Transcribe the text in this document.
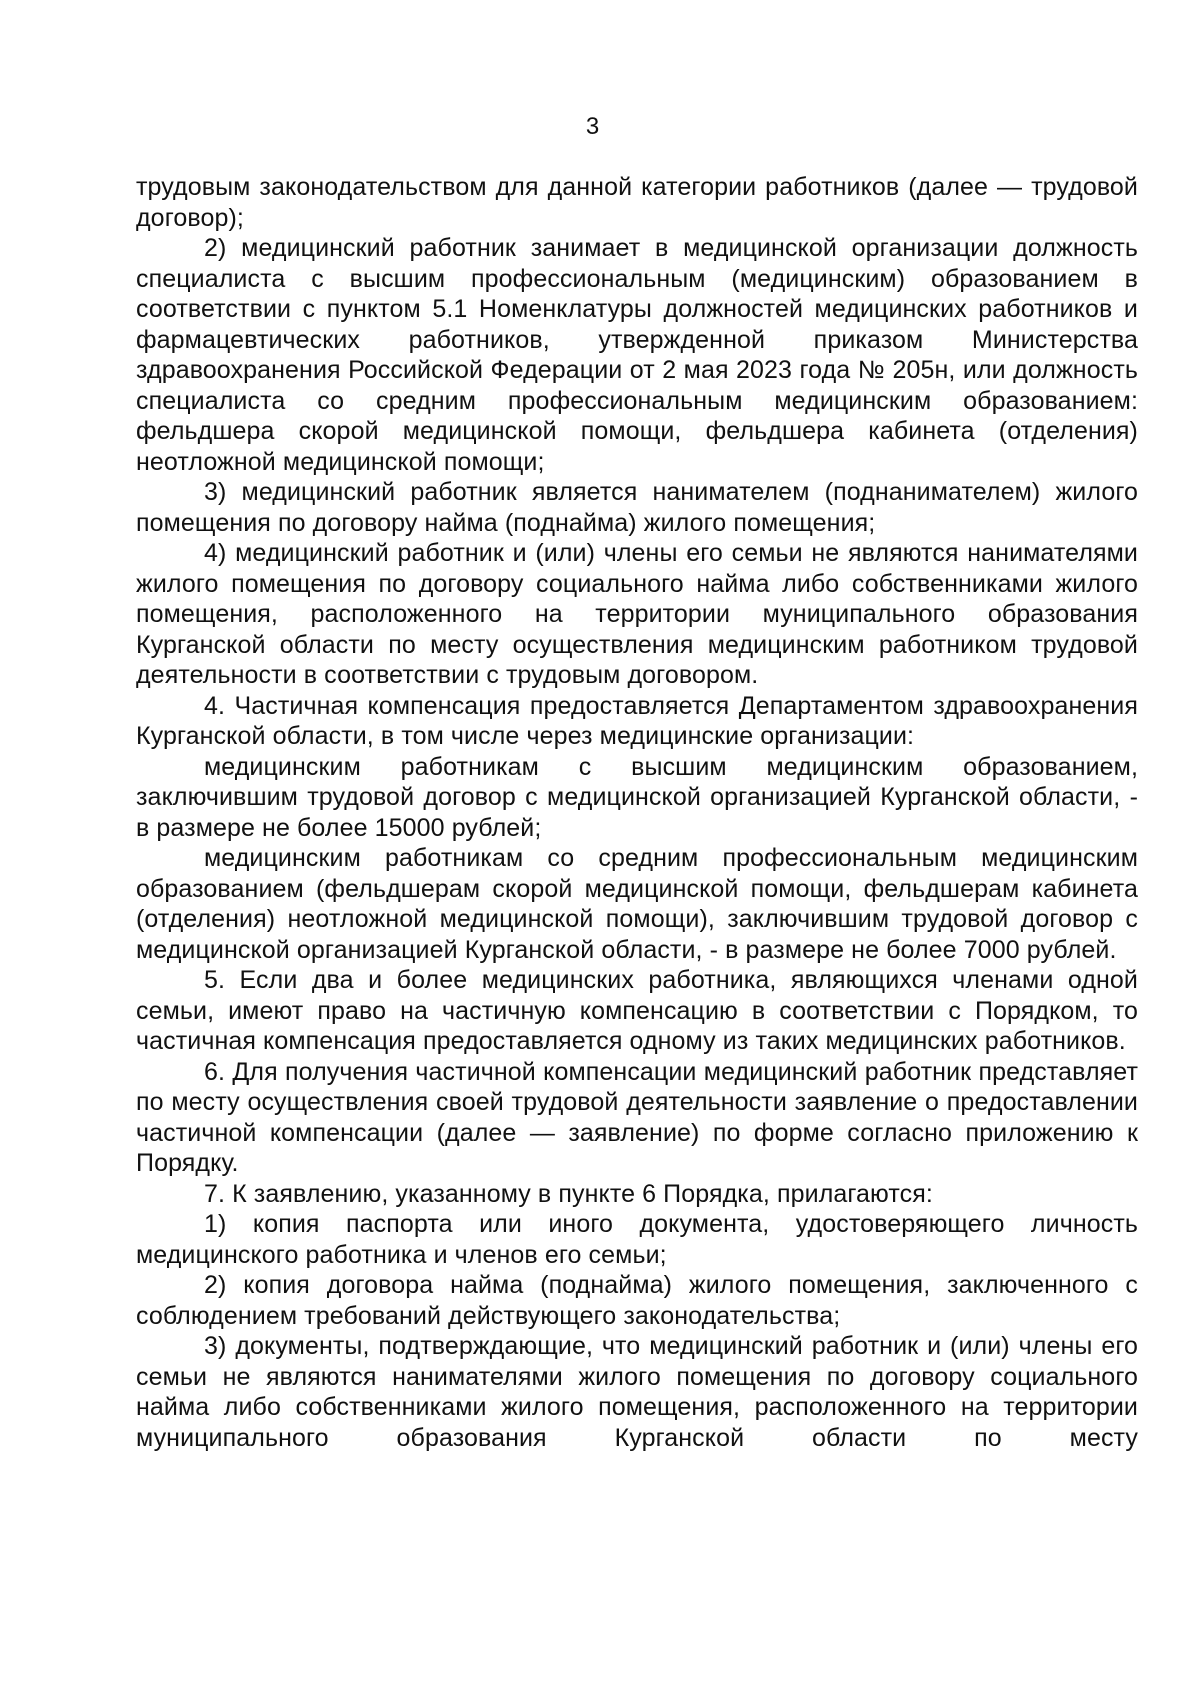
3

трудовым законодательством для данной категории работников (далее — трудовой договор);

2) медицинский работник занимает в медицинской организации должность специалиста с высшим профессиональным (медицинским) образованием в соответствии с пунктом 5.1 Номенклатуры должностей медицинских работников и фармацевтических работников, утвержденной приказом Министерства здравоохранения Российской Федерации от 2 мая 2023 года № 205н, или должность специалиста со средним профессиональным медицинским образованием: фельдшера скорой медицинской помощи, фельдшера кабинета (отделения) неотложной медицинской помощи;

3) медицинский работник является нанимателем (поднанимателем) жилого помещения по договору найма (поднайма) жилого помещения;

4) медицинский работник и (или) члены его семьи не являются нанимателями жилого помещения по договору социального найма либо собственниками жилого помещения, расположенного на территории муниципального образования Курганской области по месту осуществления медицинским работником трудовой деятельности в соответствии с трудовым договором.

4. Частичная компенсация предоставляется Департаментом здравоохранения Курганской области, в том числе через медицинские организации:

медицинским работникам с высшим медицинским образованием, заключившим трудовой договор с медицинской организацией Курганской области, - в размере не более 15000 рублей;

медицинским работникам со средним профессиональным медицинским образованием (фельдшерам скорой медицинской помощи, фельдшерам кабинета (отделения) неотложной медицинской помощи), заключившим трудовой договор с медицинской организацией Курганской области, - в размере не более 7000 рублей.

5. Если два и более медицинских работника, являющихся членами одной семьи, имеют право на частичную компенсацию в соответствии с Порядком, то частичная компенсация предоставляется одному из таких медицинских работников.

6. Для получения частичной компенсации медицинский работник представляет по месту осуществления своей трудовой деятельности заявление о предоставлении частичной компенсации (далее — заявление) по форме согласно приложению к Порядку.

7. К заявлению, указанному в пункте 6 Порядка, прилагаются:

1) копия паспорта или иного документа, удостоверяющего личность медицинского работника и членов его семьи;

2) копия договора найма (поднайма) жилого помещения, заключенного с соблюдением требований действующего законодательства;

3) документы, подтверждающие, что медицинский работник и (или) члены его семьи не являются нанимателями жилого помещения по договору социального найма либо собственниками жилого помещения, расположенного на территории муниципального образования Курганской области по месту
